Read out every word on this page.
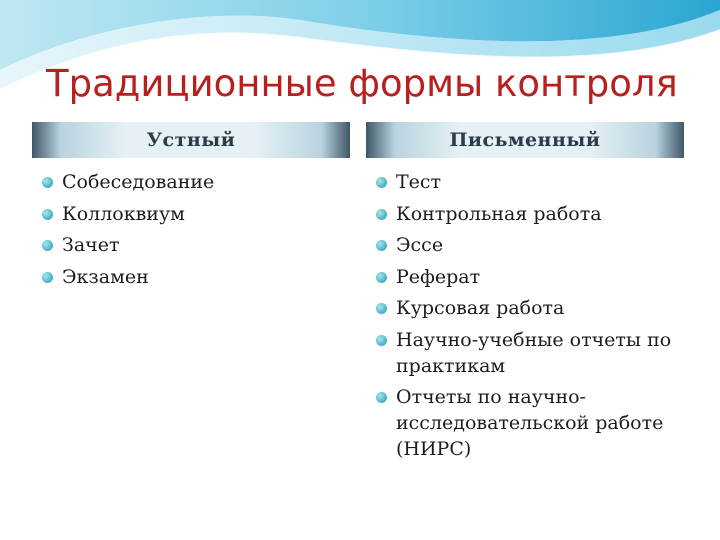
Традиционные формы контроля
Устный	Письменный
Собеседование
Коллоквиум
Зачет
Экзамен
Тест
Контрольная работа
Эссе
Реферат
Курсовая работа
Научно-учебные отчеты по практикам
Отчеты по научно-исследовательской работе (НИРС)
